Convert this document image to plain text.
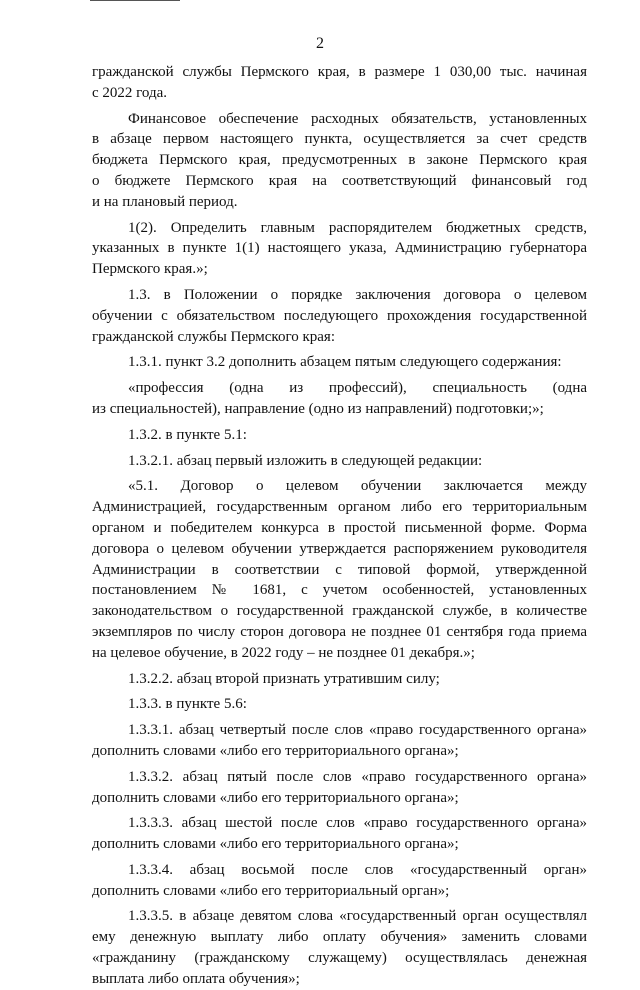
2
гражданской службы Пермского края, в размере 1 030,00 тыс. начиная
с 2022 года.
Финансовое обеспечение расходных обязательств, установленных
в абзаце первом настоящего пункта, осуществляется за счет средств
бюджета Пермского края, предусмотренных в законе Пермского края
о бюджете Пермского края на соответствующий финансовый год
и на плановый период.
1(2). Определить главным распорядителем бюджетных средств,
указанных в пункте 1(1) настоящего указа, Администрацию губернатора
Пермского края.»;
1.3. в Положении о порядке заключения договора о целевом
обучении с обязательством последующего прохождения государственной
гражданской службы Пермского края:
1.3.1. пункт 3.2 дополнить абзацем пятым следующего содержания:
«профессия (одна из профессий), специальность (одна
из специальностей), направление (одно из направлений) подготовки;»;
1.3.2. в пункте 5.1:
1.3.2.1. абзац первый изложить в следующей редакции:
«5.1. Договор о целевом обучении заключается между
Администрацией, государственным органом либо его территориальным
органом и победителем конкурса в простой письменной форме. Форма
договора о целевом обучении утверждается распоряжением руководителя
Администрации в соответствии с типовой формой, утвержденной
постановлением № 1681, с учетом особенностей, установленных
законодательством о государственной гражданской службе, в количестве
экземпляров по числу сторон договора не позднее 01 сентября года приема
на целевое обучение, в 2022 году – не позднее 01 декабря.»;
1.3.2.2. абзац второй признать утратившим силу;
1.3.3. в пункте 5.6:
1.3.3.1. абзац четвертый после слов «право государственного органа»
дополнить словами «либо его территориального органа»;
1.3.3.2. абзац пятый после слов «право государственного органа»
дополнить словами «либо его территориального органа»;
1.3.3.3. абзац шестой после слов «право государственного органа»
дополнить словами «либо его территориального органа»;
1.3.3.4. абзац восьмой после слов «государственный орган»
дополнить словами «либо его территориальный орган»;
1.3.3.5. в абзаце девятом слова «государственный орган осуществлял
ему денежную выплату либо оплату обучения» заменить словами
«гражданину (гражданскому служащему) осуществлялась денежная
выплата либо оплата обучения»;
